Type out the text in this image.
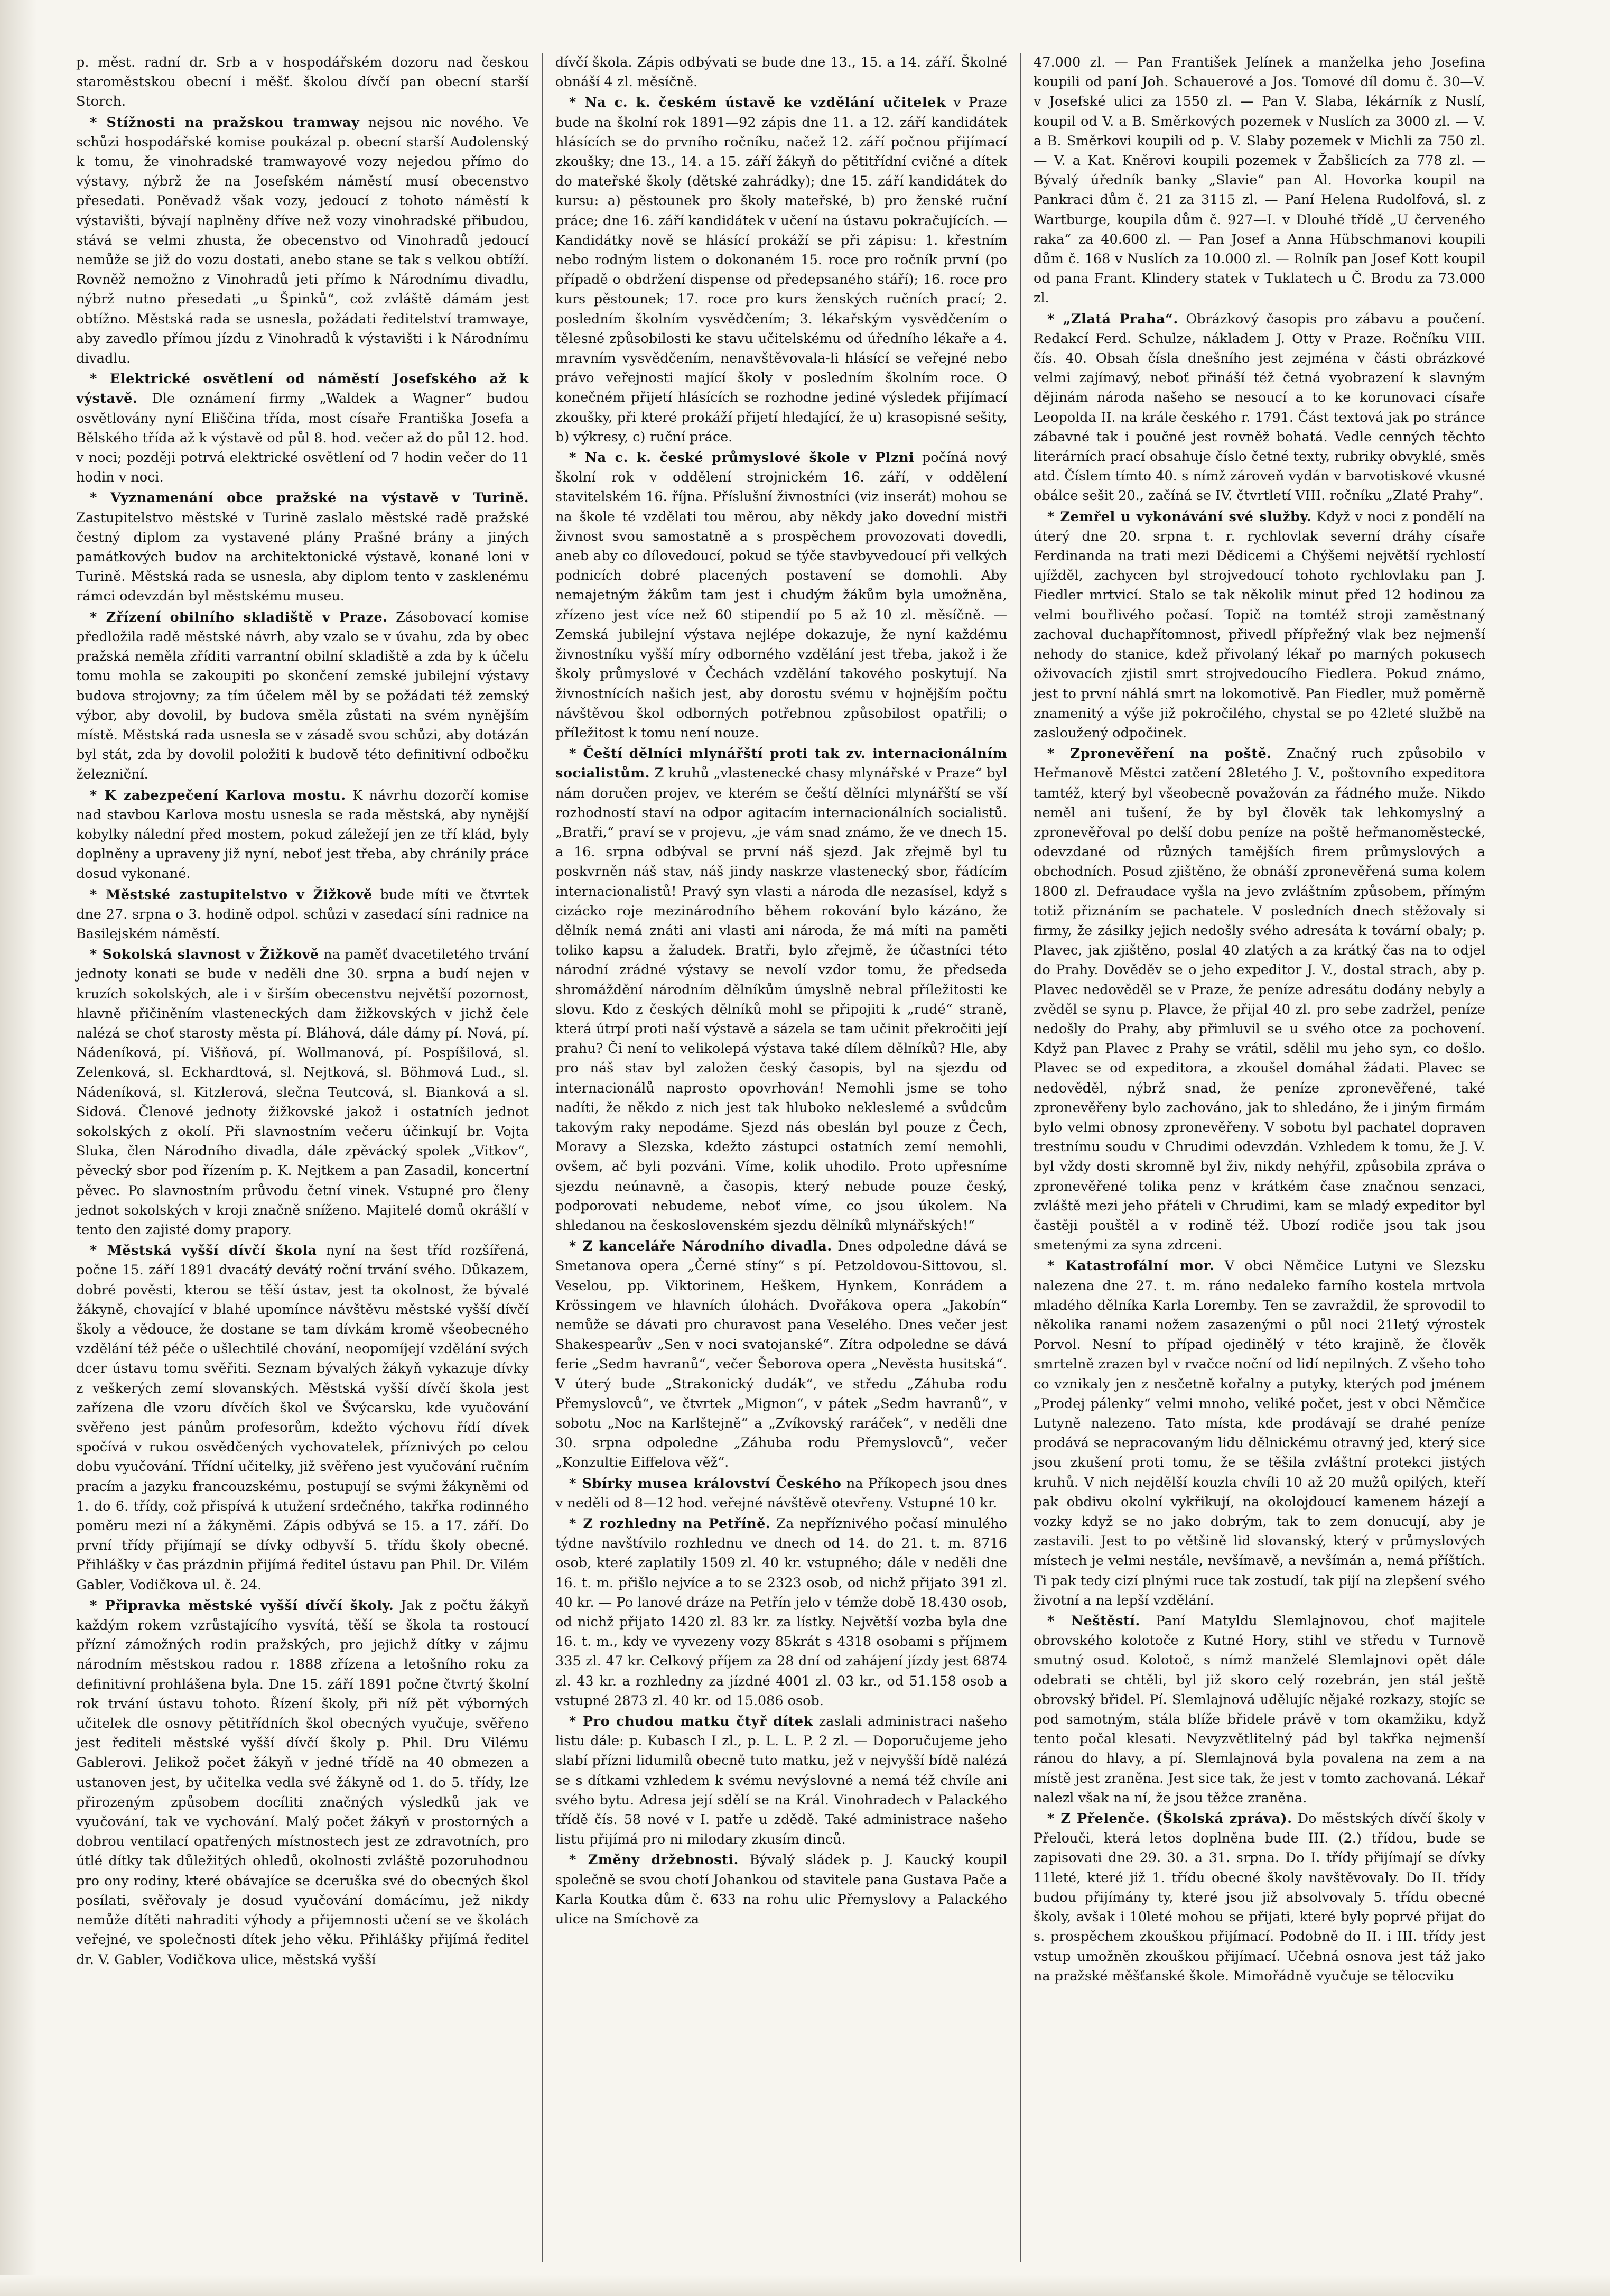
p. měst. radní dr. Srb a v hospodářském dozoru nad českou staroměstskou obecní i měšť. školou dívčí pan obecní starší Storch.

* Stížnosti na pražskou tramway nejsou nic nového. Ve schůzi hospodářské komise poukázal p. obecní starší Audolenský k tomu, že vinohradské tramwayové vozy nejedou přímo do výstavy, nýbrž že na Josefském náměstí musí obecenstvo přesedati. Poněvadž však vozy, jedoucí z tohoto náměstí k výstavišti, bývají naplněny dříve než vozy vinohradské přibudou, stává se velmi zhusta, že obecenstvo od Vinohradů jedoucí nemůže se již do vozu dostati, anebo stane se tak s velkou obtíží. Rovněž nemožno z Vinohradů jeti přímo k Národnímu divadlu, nýbrž nutno přesedati „u Špinků“, což zvláště dámám jest obtížno. Městská rada se usnesla, požádati ředitelství tramwaye, aby zavedlo přímou jízdu z Vinohradů k výstavišti i k Národnímu divadlu.

* Elektrické osvětlení od náměstí Josefského až k výstavě. Dle oznámení firmy „Waldek a Wagner“ budou osvětlovány nyní Eliščina třída, most císaře Františka Josefa a Bělského třída až k výstavě od půl 8. hod. večer až do půl 12. hod. v noci; později potrvá elektrické osvětlení od 7 hodin večer do 11 hodin v noci.

* Vyznamenání obce pražské na výstavě v Turině. Zastupitelstvo městské v Turině zaslalo městské radě pražské čestný diplom za vystavené plány Prašné brány a jiných památkových budov na architektonické výstavě, konané loni v Turině. Městská rada se usnesla, aby diplom tento v zasklenému rámci odevzdán byl městskému museu.

* Zřízení obilního skladiště v Praze. Zásobovací komise předložila radě městské návrh, aby vzalo se v úvahu, zda by obec pražská neměla zříditi varrantní obilní skladiště a zda by k účelu tomu mohla se zakoupiti po skončení zemské jubilejní výstavy budova strojovny; za tím účelem měl by se požádati též zemský výbor, aby dovolil, by budova směla zůstati na svém nynějším místě. Městská rada usnesla se v zásadě svou schůzi, aby dotázán byl stát, zda by dovolil položiti k budově této definitivní odbočku železniční.

* K zabezpečení Karlova mostu. K návrhu dozorčí komise nad stavbou Karlova mostu usnesla se rada městská, aby nynější kobylky nálední před mostem, pokud záležejí jen ze tří klád, byly doplněny a upraveny již nyní, neboť jest třeba, aby chránily práce dosud vykonané.

* Městské zastupitelstvo v Žižkově bude míti ve čtvrtek dne 27. srpna o 3. hodině odpol. schůzi v zasedací síni radnice na Basilejském náměstí.

* Sokolská slavnost v Žižkově na paměť dvacetiletého trvání jednoty konati se bude v neděli dne 30. srpna a budí nejen v kruzích sokolských, ale i v širším obecenstvu největší pozornost, hlavně přičiněním vlasteneckých dam žižkovských v jichž čele nalézá se choť starosty města pí. Bláhová, dále dámy pí. Nová, pí. Nádeníková, pí. Višňová, pí. Wollmanová, pí. Pospíšilová, sl. Zelenková, sl. Eckhardtová, sl. Nejtková, sl. Böhmová Lud., sl. Nádeníková, sl. Kitzlerová, slečna Teutcová, sl. Bianková a sl. Sidová. Členové jednoty žižkovské jakož i ostatních jednot sokolských z okolí. Při slavnostním večeru účinkují br. Vojta Sluka, člen Národního divadla, dále zpěvácký spolek „Vitkov“, pěvecký sbor pod řízením p. K. Nejtkem a pan Zasadil, koncertní pěvec. Po slavnostním průvodu četní vinek. Vstupné pro členy jednot sokolských v kroji značně sníženo. Majitelé domů okrášlí v tento den zajisté domy prapory.

* Městská vyšší dívčí škola nyní na šest tříd rozšířená, počne 15. září 1891 dvacátý devátý roční trvání svého. Důkazem, dobré pověsti, kterou se těší ústav, jest ta okolnost, že bývalé žákyně, chovající v blahé upomínce návštěvu městské vyšší dívčí školy a vědouce, že dostane se tam dívkám kromě všeobecného vzdělání též péče o ušlechtilé chování, neopomíjejí vzdělání svých dcer ústavu tomu svěřiti. Seznam bývalých žákyň vykazuje dívky z veškerých zemí slovanských. Městská vyšší dívčí škola jest zařízena dle vzoru dívčích škol ve Švýcarsku, kde vyučování svěřeno jest pánům profesorům, kdežto výchovu řídí dívek spočívá v rukou osvědčených vychovatelek, příznivých po celou dobu vyučování. Třídní učitelky, již svěřeno jest vyučování ručním pracím a jazyku francouzskému, postupují se svými žákyněmi od 1. do 6. třídy, což přispívá k utužení srdečného, takřka rodinného poměru mezi ní a žákyněmi. Zápis odbývá se 15. a 17. září. Do první třídy přijímají se dívky odbyvší 5. třídu školy obecné. Přihlášky v čas prázdnin přijímá ředitel ústavu pan Phil. Dr. Vilém Gabler, Vodičkova ul. č. 24.

* Připravka městské vyšší dívčí školy. Jak z počtu žákyň každým rokem vzrůstajícího vysvítá, těší se škola ta rostoucí přízní zámožných rodin pražských, pro jejichž dítky v zájmu národním městskou radou r. 1888 zřízena a letošního roku za definitivní prohlášena byla. Dne 15. září 1891 počne čtvrtý školní rok trvání ústavu tohoto. Řízení školy, při níž pět výborných učitelek dle osnovy pětitřídních škol obecných vyučuje, svěřeno jest řediteli městské vyšší dívčí školy p. Phil. Dru Vilému Gablerovi. Jelikož počet žákyň v jedné třídě na 40 obmezen a ustanoven jest, by učitelka vedla své žákyně od 1. do 5. třídy, lze přirozeným způsobem docíliti značných výsledků jak ve vyučování, tak ve vychování. Malý počet žákyň v prostorných a dobrou ventilací opatřených místnostech jest ze zdravotních, pro útlé dítky tak důležitých ohledů, okolnosti zvláště pozoruhodnou pro ony rodiny, které obávajíce se dceruška své do obecných škol posílati, svěřovaly je dosud vyučování domácímu, jež nikdy nemůže dítěti nahraditi výhody a přijemnosti učení se ve školách veřejné, ve společnosti dítek jeho věku. Přihlášky přijímá ředitel dr. V. Gabler, Vodičkova ulice, městská vyšší

dívčí škola. Zápis odbývati se bude dne 13., 15. a 14. září. Školné obnáší 4 zl. měsíčně.

* Na c. k. českém ústavě ke vzdělání učitelek v Praze bude na školní rok 1891—92 zápis dne 11. a 12. září kandidátek hlásících se do prvního ročníku, načež 12. září počnou přijímací zkoušky; dne 13., 14. a 15. září žákyň do pětitřídní cvičné a dítek do mateřské školy (dětské zahrádky); dne 15. září kandidátek do kursu: a) pěstounek pro školy mateřské, b) pro ženské ruční práce; dne 16. září kandidátek v učení na ústavu pokračujících. — Kandidátky nově se hlásící prokáží se při zápisu: 1. křestním nebo rodným listem o dokonaném 15. roce pro ročník první (po případě o obdržení dispense od předepsaného stáří); 16. roce pro kurs pěstounek; 17. roce pro kurs ženských ručních prací; 2. posledním školním vysvědčením; 3. lékařským vysvědčením o tělesné způsobilosti ke stavu učitelskému od úředního lékaře a 4. mravním vysvědčením, nenavštěvovala-li hlásící se veřejné nebo právo veřejnosti mající školy v posledním školním roce. O konečném přijetí hlásících se rozhodne jediné výsledek přijímací zkoušky, při které prokáží přijetí hledající, že u) krasopisné sešity, b) výkresy, c) ruční práce.

* Na c. k. české průmyslové škole v Plzni počíná nový školní rok v oddělení strojnickém 16. září, v oddělení stavitelském 16. října. Příslušní živnostníci (viz inserát) mohou se na škole té vzdělati tou měrou, aby někdy jako dovední mistři živnost svou samostatně a s prospěchem provozovati dovedli, aneb aby co dílovedoucí, pokud se týče stavbyvedoucí při velkých podnicích dobré placených postavení se domohli. Aby nemajetným žákům tam jest i chudým žákům byla umožněna, zřízeno jest více než 60 stipendií po 5 až 10 zl. měsíčně. — Zemská jubilejní výstava nejlépe dokazuje, že nyní každému živnostníku vyšší míry odborného vzdělání jest třeba, jakož i že školy průmyslové v Čechách vzdělání takového poskytují. Na živnostnících našich jest, aby dorostu svému v hojnějším počtu návštěvou škol odborných potřebnou způsobilost opatřili; o příležitost k tomu není nouze.

* Čeští dělníci mlynářští proti tak zv. internacionálním socialistům. Z kruhů „vlastenecké chasy mlynářské v Praze“ byl nám doručen projev, ve kterém se čeští dělníci mlynářští se vší rozhodností staví na odpor agitacím internacionálních socialistů. „Bratři,“ praví se v projevu, „je vám snad známo, že ve dnech 15. a 16. srpna odbýval se první náš sjezd. Jak zřejmě byl tu poskvrněn náš stav, náš jindy naskrze vlastenecký sbor, řádícím internacionalistů! Pravý syn vlasti a národa dle nezasísel, když s cizácko roje mezinárodního během rokování bylo kázáno, že dělník nemá znáti ani vlasti ani národa, že má míti na paměti toliko kapsu a žaludek. Bratři, bylo zřejmě, že účastníci této národní zrádné výstavy se nevolí vzdor tomu, že předseda shromáždění národním dělníkům úmyslně nebral příležitosti ke slovu. Kdo z českých dělníků mohl se připojiti k „rudé“ straně, která útrpí proti naší výstavě a sázela se tam učinit překročiti její prahu? Či není to velikolepá výstava také dílem dělníků? Hle, aby pro náš stav byl založen český časopis, byl na sjezdu od internacionálů naprosto opovrhován! Nemohli jsme se toho nadíti, že někdo z nich jest tak hluboko nekleslemé a svůdcům takovým raky nepodáme. Sjezd nás obeslán byl pouze z Čech, Moravy a Slezska, kdežto zástupci ostatních zemí nemohli, ovšem, ač byli pozváni. Víme, kolik uhodilo. Proto upřesníme sjezdu neúnavně, a časopis, který nebude pouze český, podporovati nebudeme, neboť víme, co jsou úkolem. Na shledanou na československém sjezdu dělníků mlynářských!“

* Z kanceláře Národního divadla. Dnes odpoledne dává se Smetanova opera „Černé stíny“ s pí. Petzoldovou-Sittovou, sl. Veselou, pp. Viktorinem, Heškem, Hynkem, Konrádem a Krössingem ve hlavních úlohách. Dvořákova opera „Jakobín“ nemůže se dávati pro churavost pana Veselého. Dnes večer jest Shakespearův „Sen v noci svatojanské“. Zítra odpoledne se dává ferie „Sedm havranů“, večer Šeborova opera „Nevěsta husitská“. V úterý bude „Strakonický dudák“, ve středu „Záhuba rodu Přemyslovců“, ve čtvrtek „Mignon“, v pátek „Sedm havranů“, v sobotu „Noc na Karlštejně“ a „Zvíkovský raráček“, v neděli dne 30. srpna odpoledne „Záhuba rodu Přemyslovců“, večer „Konzultie Eiffelova věž“.

* Sbírky musea království Českého na Příkopech jsou dnes v neděli od 8—12 hod. veřejné návštěvě otevřeny. Vstupné 10 kr.

* Z rozhledny na Petříně. Za nepříznivého počasí minulého týdne navštívilo rozhlednu ve dnech od 14. do 21. t. m. 8716 osob, které zaplatily 1509 zl. 40 kr. vstupného; dále v neděli dne 16. t. m. přišlo nejvíce a to se 2323 osob, od nichž přijato 391 zl. 40 kr. — Po lanové dráze na Petřín jelo v témže době 18.430 osob, od nichž přijato 1420 zl. 83 kr. za lístky. Největší vozba byla dne 16. t. m., kdy ve vyvezeny vozy 85krát s 4318 osobami s příjmem 335 zl. 47 kr. Celkový příjem za 28 dní od zahájení jízdy jest 6874 zl. 43 kr. a rozhledny za jízdné 4001 zl. 03 kr., od 51.158 osob a vstupné 2873 zl. 40 kr. od 15.086 osob.

* Pro chudou matku čtyř dítek zaslali administraci našeho listu dále: p. Kubasch I zl., p. L. L. P. 2 zl. — Doporučujeme jeho slabí přízni lidumilů obecně tuto matku, jež v nejvyšší bídě nalézá se s dítkami vzhledem k svému nevýslovné a nemá též chvíle ani svého bytu. Adresa její sdělí se na Král. Vinohradech v Palackého třídě čís. 58 nové v I. patře u zdědě. Také administrace našeho listu přijímá pro ni milodary zkusím dinců.

* Změny držebnosti. Bývalý sládek p. J. Kaucký koupil společně se svou chotí Johankou od stavitele pana Gustava Pače a Karla Koutka dům č. 633 na rohu ulic Přemyslovy a Palackého ulice na Smíchově za

47.000 zl. — Pan František Jelínek a manželka jeho Josefina koupili od paní Joh. Schauerové a Jos. Tomové díl domu č. 30—V. v Josefské ulici za 1550 zl. — Pan V. Slaba, lékárník z Nuslí, koupil od V. a B. Směrkových pozemek v Nuslích za 3000 zl. — V. a B. Směrkovi koupili od p. V. Slaby pozemek v Michli za 750 zl. — V. a Kat. Kněrovi koupili pozemek v Žabšlicích za 778 zl. — Bývalý úředník banky „Slavie“ pan Al. Hovorka koupil na Pankraci dům č. 21 za 3115 zl. — Paní Helena Rudolfová, sl. z Wartburge, koupila dům č. 927—I. v Dlouhé třídě „U červeného raka“ za 40.600 zl. — Pan Josef a Anna Hübschmanovi koupili dům č. 168 v Nuslích za 10.000 zl. — Rolník pan Josef Kott koupil od pana Frant. Klindery statek v Tuklatech u Č. Brodu za 73.000 zl.

* „Zlatá Praha“. Obrázkový časopis pro zábavu a poučení. Redakcí Ferd. Schulze, nákladem J. Otty v Praze. Ročníku VIII. čís. 40. Obsah čísla dnešního jest zejména v části obrázkové velmi zajímavý, neboť přináší též četná vyobrazení k slavným dějinám národa našeho se nesoucí a to ke korunovaci císaře Leopolda II. na krále českého r. 1791. Část textová jak po stránce zábavné tak i poučné jest rovněž bohatá. Vedle cenných těchto literárních prací obsahuje číslo četné texty, rubriky obvyklé, směs atd. Číslem tímto 40. s nímž zároveň vydán v barvotiskové vkusné obálce sešit 20., začíná se IV. čtvrtletí VIII. ročníku „Zlaté Prahy“.

* Zemřel u vykonávání své služby. Když v noci z pondělí na úterý dne 20. srpna t. r. rychlovlak severní dráhy císaře Ferdinanda na trati mezi Dědicemi a Chýšemi největší rychlostí ujížděl, zachycen byl strojvedoucí tohoto rychlovlaku pan J. Fiedler mrtvicí. Stalo se tak několik minut před 12 hodinou za velmi bouřlivého počasí. Topič na tomtéž stroji zaměstnaný zachoval duchapřítomnost, přivedl přípřežný vlak bez nejmenší nehody do stanice, kdež přivolaný lékař po marných pokusech oživovacích zjistil smrt strojvedoucího Fiedlera. Pokud známo, jest to první náhlá smrt na lokomotivě. Pan Fiedler, muž poměrně znamenitý a výše již pokročilého, chystal se po 42leté službě na zasloužený odpočinek.

* Zpronevěření na poště. Značný ruch způsobilo v Heřmanově Městci zatčení 28letého J. V., poštovního expeditora tamtéž, který byl všeobecně považován za řádného muže. Nikdo neměl ani tušení, že by byl člověk tak lehkomyslný a zpronevěřoval po delší dobu peníze na poště heřmanoměstecké, odevzdané od různých tamějších firem průmyslových a obchodních. Posud zjištěno, že obnáší zpronevěřená suma kolem 1800 zl. Defraudace vyšla na jevo zvláštním způsobem, přímým totiž přiznáním se pachatele. V posledních dnech stěžovaly si firmy, že zásilky jejich nedošly svého adresáta k tovární obaly; p. Plavec, jak zjištěno, poslal 40 zlatých a za krátký čas na to odjel do Prahy. Dověděv se o jeho expeditor J. V., dostal strach, aby p. Plavec nedověděl se v Praze, že peníze adresátu dodány nebyly a zvěděl se synu p. Plavce, že přijal 40 zl. pro sebe zadržel, peníze nedošly do Prahy, aby přimluvil se u svého otce za pochovení. Když pan Plavec z Prahy se vrátil, sdělil mu jeho syn, co došlo. Plavec se od expeditora, a zkoušel domáhal žádati. Plavec se nedověděl, nýbrž snad, že peníze zpronevěřené, také zpronevěřeny bylo zachováno, jak to shledáno, že i jiným firmám bylo velmi obnosy zpronevěřeny. V sobotu byl pachatel dopraven trestnímu soudu v Chrudimi odevzdán. Vzhledem k tomu, že J. V. byl vždy dosti skromně byl živ, nikdy nehýřil, způsobila zpráva o zpronevěřené tolika penz v krátkém čase značnou senzaci, zvláště mezi jeho přáteli v Chrudimi, kam se mladý expeditor byl častěji pouštěl a v rodině též. Ubozí rodiče jsou tak jsou smetenými za syna zdrceni.

* Katastrofální mor. V obci Němčice Lutyni ve Slezsku nalezena dne 27. t. m. ráno nedaleko farního kostela mrtvola mladého dělníka Karla Loremby. Ten se zavraždil, že sprovodil to několika ranami nožem zasazenými o půl noci 21letý výrostek Porvol. Nesní to případ ojedinělý v této krajině, že člověk smrtelně zrazen byl v rvačce noční od lidí nepilných. Z všeho toho co vznikaly jen z nesčetně kořalny a putyky, kterých pod jménem „Prodej pálenky“ velmi mnoho, veliké počet, jest v obci Němčice Lutyně nalezeno. Tato místa, kde prodávají se drahé peníze prodává se nepracovaným lidu dělnickému otravný jed, který sice jsou zkušení proti tomu, že se těšila zvláštní protekci jistých kruhů. V nich nejdělší kouzla chvíli 10 až 20 mužů opilých, kteří pak obdivu okolní vykřikují, na okolojdoucí kamenem házejí a vozky když se no jako dobrým, tak to zem donucují, aby je zastavili. Jest to po většině lid slovanský, který v průmyslových místech je velmi nestále, nevšímavě, a nevšímán a, nemá příštích. Ti pak tedy cizí plnými ruce tak zostudí, tak pijí na zlepšení svého životní a na lepší vzdělání.

* Neštěstí. Paní Matyldu Slemlajnovou, choť majitele obrovského kolotoče z Kutné Hory, stihl ve středu v Turnově smutný osud. Kolotoč, s nímž manželé Slemlajnovi opět dále odebrati se chtěli, byl již skoro celý rozebrán, jen stál ještě obrovský břidel. Pí. Slemlajnová udělujíc nějaké rozkazy, stojíc se pod samotným, stála blíže břidele právě v tom okamžiku, když tento počal klesati. Nevyzvětlitelný pád byl takřka nejmenší ránou do hlavy, a pí. Slemlajnová byla povalena na zem a na místě jest zraněna. Jest sice tak, že jest v tomto zachovaná. Lékař nalezl však na ní, že jsou těžce zraněna.

* Z Přelenče. (Školská zpráva). Do městských dívčí školy v Přelouči, která letos doplněna bude III. (2.) třídou, bude se zapisovati dne 29. 30. a 31. srpna. Do I. třídy přijímají se dívky 11leté, které již 1. třídu obecné školy navštěvovaly. Do II. třídy budou přijímány ty, které jsou již absolvovaly 5. třídu obecné školy, avšak i 10leté mohou se přijati, které byly poprvé přijat do s. prospěchem zkouškou přijímací. Podobně do II. i III. třídy jest vstup umožněn zkouškou přijímací. Učebná osnova jest táž jako na pražské měšťanské škole. Mimořádně vyučuje se tělocviku
